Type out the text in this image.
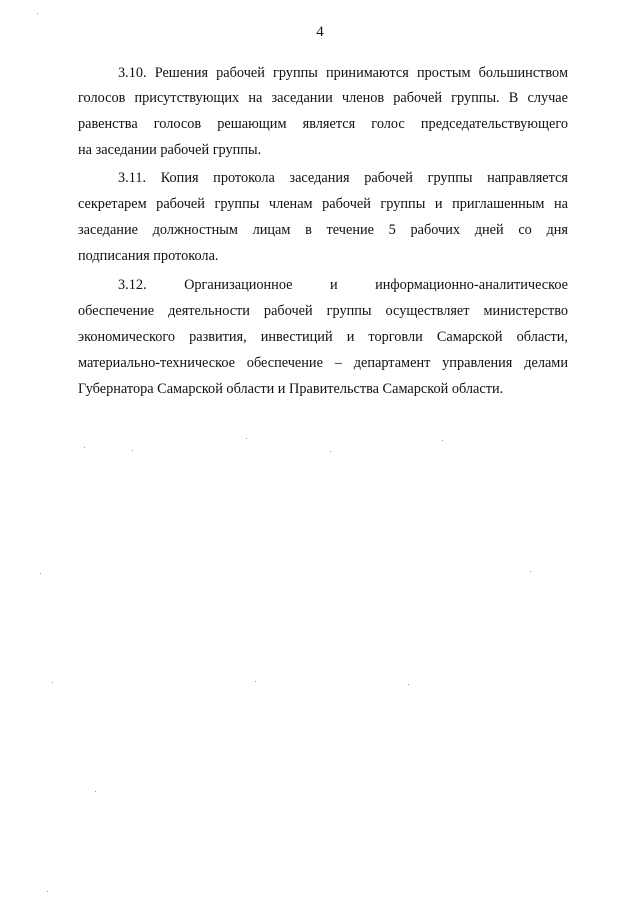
4
3.10. Решения рабочей группы принимаются простым большинством
голосов присутствующих на заседании членов рабочей группы. В случае
равенства голосов решающим является голос председательствующего
на заседании рабочей группы.
3.11. Копия протокола заседания рабочей группы направляется
секретарем рабочей группы членам рабочей группы и приглашенным на
заседание должностным лицам в течение 5 рабочих дней со дня
подписания протокола.
3.12. Организационное и информационно-аналитическое
обеспечение деятельности рабочей группы осуществляет министерство
экономического развития, инвестиций и торговли Самарской области,
материально-техническое обеспечение – департамент управления делами
Губернатора Самарской области и Правительства Самарской области.
